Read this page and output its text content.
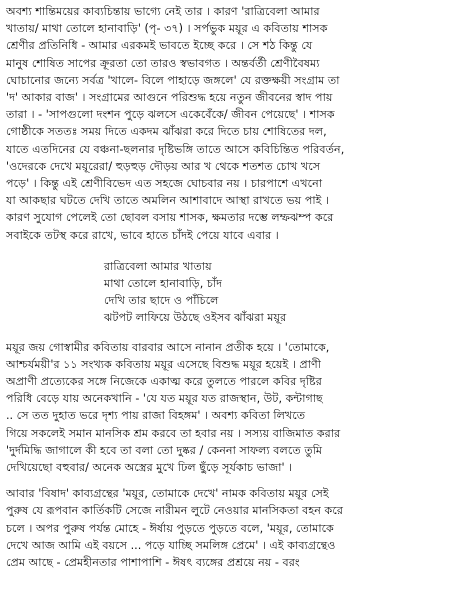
অবশ্য শান্তিময়ের কাব্যচিন্তায় ভাগ্যে নেই তার । কারণ 'রাত্রিবেলা আমার
খাতায়/ মাথা তোলে হানাবাড়ি' (পৃ- ৩৭) । সর্পভুক ময়ূর এ কবিতায় শাসক
শ্রেণীর প্রতিনিধি - আমার এরকমই ভাবতে ইচ্ছে করে । সে শঠ কিন্তু যে
মানুষ শোষিত সাপের ক্রূরতা তো তারও স্বভাবগত । অন্তর্বর্তী শ্রেণীবৈষম্য
ঘোচানোর জন্যে সর্বত্র 'খালে- বিলে পাহাড়ে জঙ্গলে' যে রক্তক্ষয়ী সংগ্রাম তা
'দ' আকার বাজ' । সংগ্রামের আগুনে পরিশুদ্ধ হয়ে নতুন জীবনের স্বাদ পায়
তারা । - 'সাপগুলো দংশন পুড়ে ঝলসে একেবেঁকে/ জীবন পেয়েছে' । শাসক
গোষ্ঠীকে সততঃ সময় দিতে একদম ঝাঁঝরা করে দিতে চায় শোষিতের দল,
যাতে এতদিনের যে বঞ্চনা-ছলনার দৃষ্টিভঙ্গি তাতে আসে কবিচিন্তিত পরিবর্তন,
'ওদেরকে দেখে ময়ূরেরা/ হুড়হুড় দৌড়য় আর খ থেকে শতশত চোখ খসে
পড়ে' । কিন্তু এই শ্রেণীবিভেদ এত সহজে ঘোচবার নয় । চারপাশে এখনো
যা আকছার ঘটতে দেখি তাতে অমলিন আশাবাদে আস্থা রাখতে ভয় পাই ।
কারণ সুযোগ পেলেই তো ছোবল বসায় শাসক, ক্ষমতার দম্ভে লম্ফঝম্প করে
সবাইকে তটস্থ করে রাখে, ভাবে হাতে চাঁদই পেয়ে যাবে এবার ।
রাত্রিবেলা আমার খাতায়
মাথা তোলে হানাবাড়ি, চাঁদ
দেখি তার ছাদে ও পাঁচিলে
ঝটপট লাফিয়ে উঠছে ওইসব ঝাঁঝরা ময়ূর
ময়ূর জয় গোস্বামীর কবিতায় বারবার আসে নানান প্রতীক হয়ে । 'তোমাকে,
আশ্চর্যময়ী'র ১১ সংখ্যক কবিতায় ময়ূর এসেছে বিশুদ্ধ ময়ূর হয়েই । প্রাণী
অপ্রাণী প্রত্যেকের সঙ্গে নিজেকে একাত্ম করে তুলতে পারলে কবির দৃষ্টির
পরিধি বেড়ে যায় অনেকখানি - 'যে যত ময়ূর যত রাজস্থান, উট, কন্টাগাছ
.. সে তত দুহাত ভরে দৃশ্য পায় রাজা বিহঙ্গম' । অবশ্য কবিতা লিখতে
গিয়ে সকলেই সমান মানসিক শ্রম করবে তা হবার নয় । সস্যয় বাজিমাত করার
'দুর্দমিদ্ধি জাগালে কী হবে তা বলা তো দুষ্কর / কেননা সাফল্য বলতে তুমি
দেখিয়েছো বহুবার/ অনেক অস্ত্রের মুখে ঢিল ছুঁড়ে সূর্যকাচ ভাজা' ।
আবার 'বিষাদ' কাব্যগ্রন্থের 'ময়ূর, তোমাকে দেখে' নামক কবিতায় ময়ূর সেই
পুরুষ যে রূপবান কার্তিকটি সেজে নারীমন লুটে নেওয়ার মানসিকতা বহন করে
চলে । অপর পুরুষ পর্যন্ত মোহে - ঈর্ষায় পুড়তে পুড়তে বলে, 'ময়ূর, তোমাকে
দেখে আজ আমি এই বয়সে ... পড়ে যাচ্ছি সমলিঙ্গ প্রেমে' । এই কাব্যগ্রন্থেও
প্রেম আছে - প্রেমহীনতার পাশাপাশি - ঈষৎ ব্যঙ্গের প্রশ্রয়ে নয় - বরং
